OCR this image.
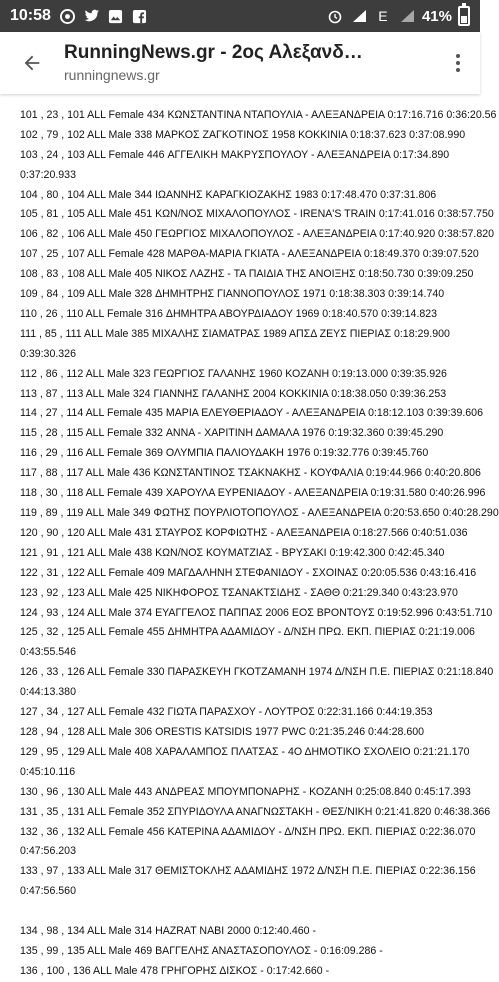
10:58	E 41%
RunningNews.gr - 2ος Αλεξανδ…
runningnews.gr
101 , 23 , 101 ALL Female 434 ΚΩΝΣΤΑΝΤΙΝΑ ΝΤΑΠΟΥΛΙΑ - ΑΛΕΞΑΝΔΡΕΙΑ 0:17:16.716 0:36:20.56
102 , 79 , 102 ALL Male 338 ΜΑΡΚΟΣ ΖΑΓΚΟΤΙΝΟΣ 1958 ΚΟΚΚΙΝΙΑ 0:18:37.623 0:37:08.990
103 , 24 , 103 ALL Female 446 ΑΓΓΕΛΙΚΗ ΜΑΚΡΥΣΠΟΥΛΟΥ - ΑΛΕΞΑΝΔΡΕΙΑ 0:17:34.890
0:37:20.933
104 , 80 , 104 ALL Male 344 ΙΩΑΝΝΗΣ ΚΑΡΑΓΚΙΟΖΑΚΗΣ 1983 0:17:48.470 0:37:31.806
105 , 81 , 105 ALL Male 451 ΚΩΝ/ΝΟΣ ΜΙΧΑΛΟΠΟΥΛΟΣ - IRENA'S TRAIN 0:17:41.016 0:38:57.750
106 , 82 , 106 ALL Male 450 ΓΕΩΡΓΙΟΣ ΜΙΧΑΛΟΠΟΥΛΟΣ - ΑΛΕΞΑΝΔΡΕΙΑ 0:17:40.920 0:38:57.820
107 , 25 , 107 ALL Female 428 ΜΑΡΘΑ-ΜΑΡΙΑ ΓΚΙΑΤΑ - ΑΛΕΞΑΝΔΡΕΙΑ 0:18:49.370 0:39:07.520
108 , 83 , 108 ALL Male 405 ΝΙΚΟΣ ΛΑΖΗΣ - ΤΑ ΠΑΙΔΙΑ ΤΗΣ ΑΝΟΙΞΗΣ 0:18:50.730 0:39:09.250
109 , 84 , 109 ALL Male 328 ΔΗΜΗΤΡΗΣ ΓΙΑΝΝΟΠΟΥΛΟΣ 1971 0:18:38.303 0:39:14.740
110 , 26 , 110 ALL Female 316 ΔΗΜΗΤΡΑ ΑΒΟΥΡΔΙΑΔΟΥ 1969 0:18:40.570 0:39:14.823
111 , 85 , 111 ALL Male 385 ΜΙΧΑΛΗΣ ΣΙΑΜΑΤΡΑΣ 1989 ΑΠΣΔ ΖΕΥΣ ΠΙΕΡΙΑΣ 0:18:29.900
0:39:30.326
112 , 86 , 112 ALL Male 323 ΓΕΩΡΓΙΟΣ ΓΑΛΑΝΗΣ 1960 ΚΟΖΑΝΗ 0:19:13.000 0:39:35.926
113 , 87 , 113 ALL Male 324 ΓΙΑΝΝΗΣ ΓΑΛΑΝΗΣ 2004 ΚΟΚΚΙΝΙΑ 0:18:38.050 0:39:36.253
114 , 27 , 114 ALL Female 435 ΜΑΡΙΑ ΕΛΕΥΘΕΡΙΑΔΟΥ - ΑΛΕΞΑΝΔΡΕΙΑ 0:18:12.103 0:39:39.606
115 , 28 , 115 ALL Female 332 ΑΝΝΑ - ΧΑΡΙΤΙΝΗ ΔΑΜΑΛΑ 1976 0:19:32.360 0:39:45.290
116 , 29 , 116 ALL Female 369 ΟΛΥΜΠΙΑ ΠΑΛΙΟΥΔΑΚΗ 1976 0:19:32.776 0:39:45.760
117 , 88 , 117 ALL Male 436 ΚΩΝΣΤΑΝΤΙΝΟΣ ΤΣΑΚΝΑΚΗΣ - ΚΟΥΦΑΛΙΑ 0:19:44.966 0:40:20.806
118 , 30 , 118 ALL Female 439 ΧΑΡΟΥΛΑ ΕΥΡΕΝΙΑΔΟΥ - ΑΛΕΞΑΝΔΡΕΙΑ 0:19:31.580 0:40:26.996
119 , 89 , 119 ALL Male 349 ΦΩΤΗΣ ΠΟΥΡΛΙΟΤΟΠΟΥΛΟΣ - ΑΛΕΞΑΝΔΡΕΙΑ 0:20:53.650 0:40:28.290
120 , 90 , 120 ALL Male 431 ΣΤΑΥΡΟΣ ΚΟΡΦΙΩΤΗΣ - ΑΛΕΞΑΝΔΡΕΙΑ 0:18:27.566 0:40:51.036
121 , 91 , 121 ALL Male 438 ΚΩΝ/ΝΟΣ ΚΟΥΜΑΤΖΙΑΣ - ΒΡΥΣΑΚΙ 0:19:42.300 0:42:45.340
122 , 31 , 122 ALL Female 409 ΜΑΓΔΑΛΗΝΗ ΣΤΕΦΑΝΙΔΟΥ - ΣΧΟΙΝΑΣ 0:20:05.536 0:43:16.416
123 , 92 , 123 ALL Male 425 ΝΙΚΗΦΟΡΟΣ ΤΣΑΝΑΚΤΣΙΔΗΣ - ΣΑΘΘ 0:21:29.340 0:43:23.970
124 , 93 , 124 ALL Male 374 ΕΥΑΓΓΕΛΟΣ ΠΑΠΠΑΣ 2006 ΕΟΣ ΒΡΟΝΤΟΥΣ 0:19:52.996 0:43:51.710
125 , 32 , 125 ALL Female 455 ΔΗΜΗΤΡΑ ΑΔΑΜΙΔΟΥ - Δ/ΝΣΗ ΠΡΩ. ΕΚΠ. ΠΙΕΡΙΑΣ 0:21:19.006
0:43:55.546
126 , 33 , 126 ALL Female 330 ΠΑΡΑΣΚΕΥΗ ΓΚΟΤΖΑΜΑΝΗ 1974 Δ/ΝΣΗ Π.Ε. ΠΙΕΡΙΑΣ 0:21:18.840
0:44:13.380
127 , 34 , 127 ALL Female 432 ΓΙΩΤΑ ΠΑΡΑΣΧΟΥ - ΛΟΥΤΡΟΣ 0:22:31.166 0:44:19.353
128 , 94 , 128 ALL Male 306 ORESTIS KATSIDIS 1977 PWC 0:21:35.246 0:44:28.600
129 , 95 , 129 ALL Male 408 ΧΑΡΑΛΑΜΠΟΣ ΠΛΑΤΣΑΣ - 4Ο ΔΗΜΟΤΙΚΟ ΣΧΟΛΕΙΟ 0:21:21.170
0:45:10.116
130 , 96 , 130 ALL Male 443 ΑΝΔΡΕΑΣ ΜΠΟΥΜΠΟΝΑΡΗΣ - ΚΟΖΑΝΗ 0:25:08.840 0:45:17.393
131 , 35 , 131 ALL Female 352 ΣΠΥΡΙΔΟΥΛΑ ΑΝΑΓΝΩΣΤΑΚΗ - ΘΕΣ/ΝΙΚΗ 0:21:41.820 0:46:38.366
132 , 36 , 132 ALL Female 456 ΚΑΤΕΡΙΝΑ ΑΔΑΜΙΔΟΥ - Δ/ΝΣΗ ΠΡΩ. ΕΚΠ. ΠΙΕΡΙΑΣ 0:22:36.070
0:47:56.203
133 , 97 , 133 ALL Male 317 ΘΕΜΙΣΤΟΚΛΗΣ ΑΔΑΜΙΔΗΣ 1972 Δ/ΝΣΗ Π.Ε. ΠΙΕΡΙΑΣ 0:22:36.156
0:47:56.560
134 , 98 , 134 ALL Male 314 HAZRAT NABI 2000 0:12:40.460 -
135 , 99 , 135 ALL Male 469 ΒΑΓΓΕΛΗΣ ΑΝΑΣΤΑΣΟΠΟΥΛΟΣ - 0:16:09.286 -
136 , 100 , 136 ALL Male 478 ΓΡΗΓΟΡΗΣ ΔΙΣΚΟΣ - 0:17:42.660 -
